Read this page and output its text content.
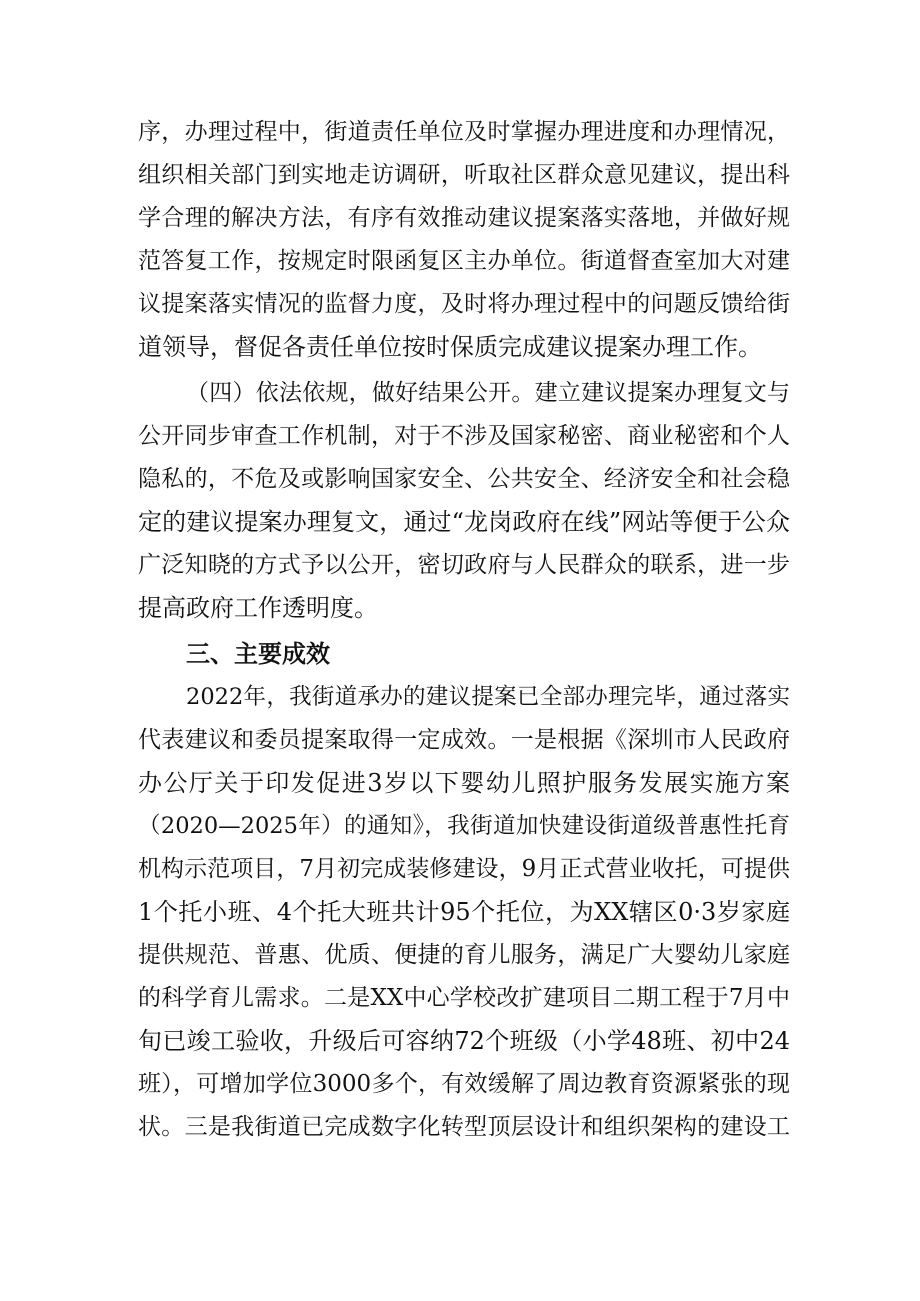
序，办理过程中，街道责任单位及时掌握办理进度和办理情况，
组织相关部门到实地走访调研，听取社区群众意见建议，提出科
学合理的解决方法，有序有效推动建议提案落实落地，并做好规
范答复工作，按规定时限函复区主办单位。街道督查室加大对建
议提案落实情况的监督力度，及时将办理过程中的问题反馈给街
道领导，督促各责任单位按时保质完成建议提案办理工作。
（四）依法依规，做好结果公开。建立建议提案办理复文与
公开同步审查工作机制，对于不涉及国家秘密、商业秘密和个人
隐私的，不危及或影响国家安全、公共安全、经济安全和社会稳
定的建议提案办理复文，通过“龙岗政府在线”网站等便于公众
广泛知晓的方式予以公开，密切政府与人民群众的联系，进一步
提高政府工作透明度。
三、主要成效
2022年，我街道承办的建议提案已全部办理完毕，通过落实
代表建议和委员提案取得一定成效。一是根据《深圳市人民政府
办公厅关于印发促进3岁以下婴幼儿照护服务发展实施方案
（2020—2025年）的通知》，我街道加快建设街道级普惠性托育
机构示范项目，7月初完成装修建设，9月正式营业收托，可提供
1个托小班、4个托大班共计95个托位，为XX辖区0·3岁家庭
提供规范、普惠、优质、便捷的育儿服务，满足广大婴幼儿家庭
的科学育儿需求。二是XX中心学校改扩建项目二期工程于7月中
旬已竣工验收，升级后可容纳72个班级（小学48班、初中24
班），可增加学位3000多个，有效缓解了周边教育资源紧张的现
状。三是我街道已完成数字化转型顶层设计和组织架构的建设工
